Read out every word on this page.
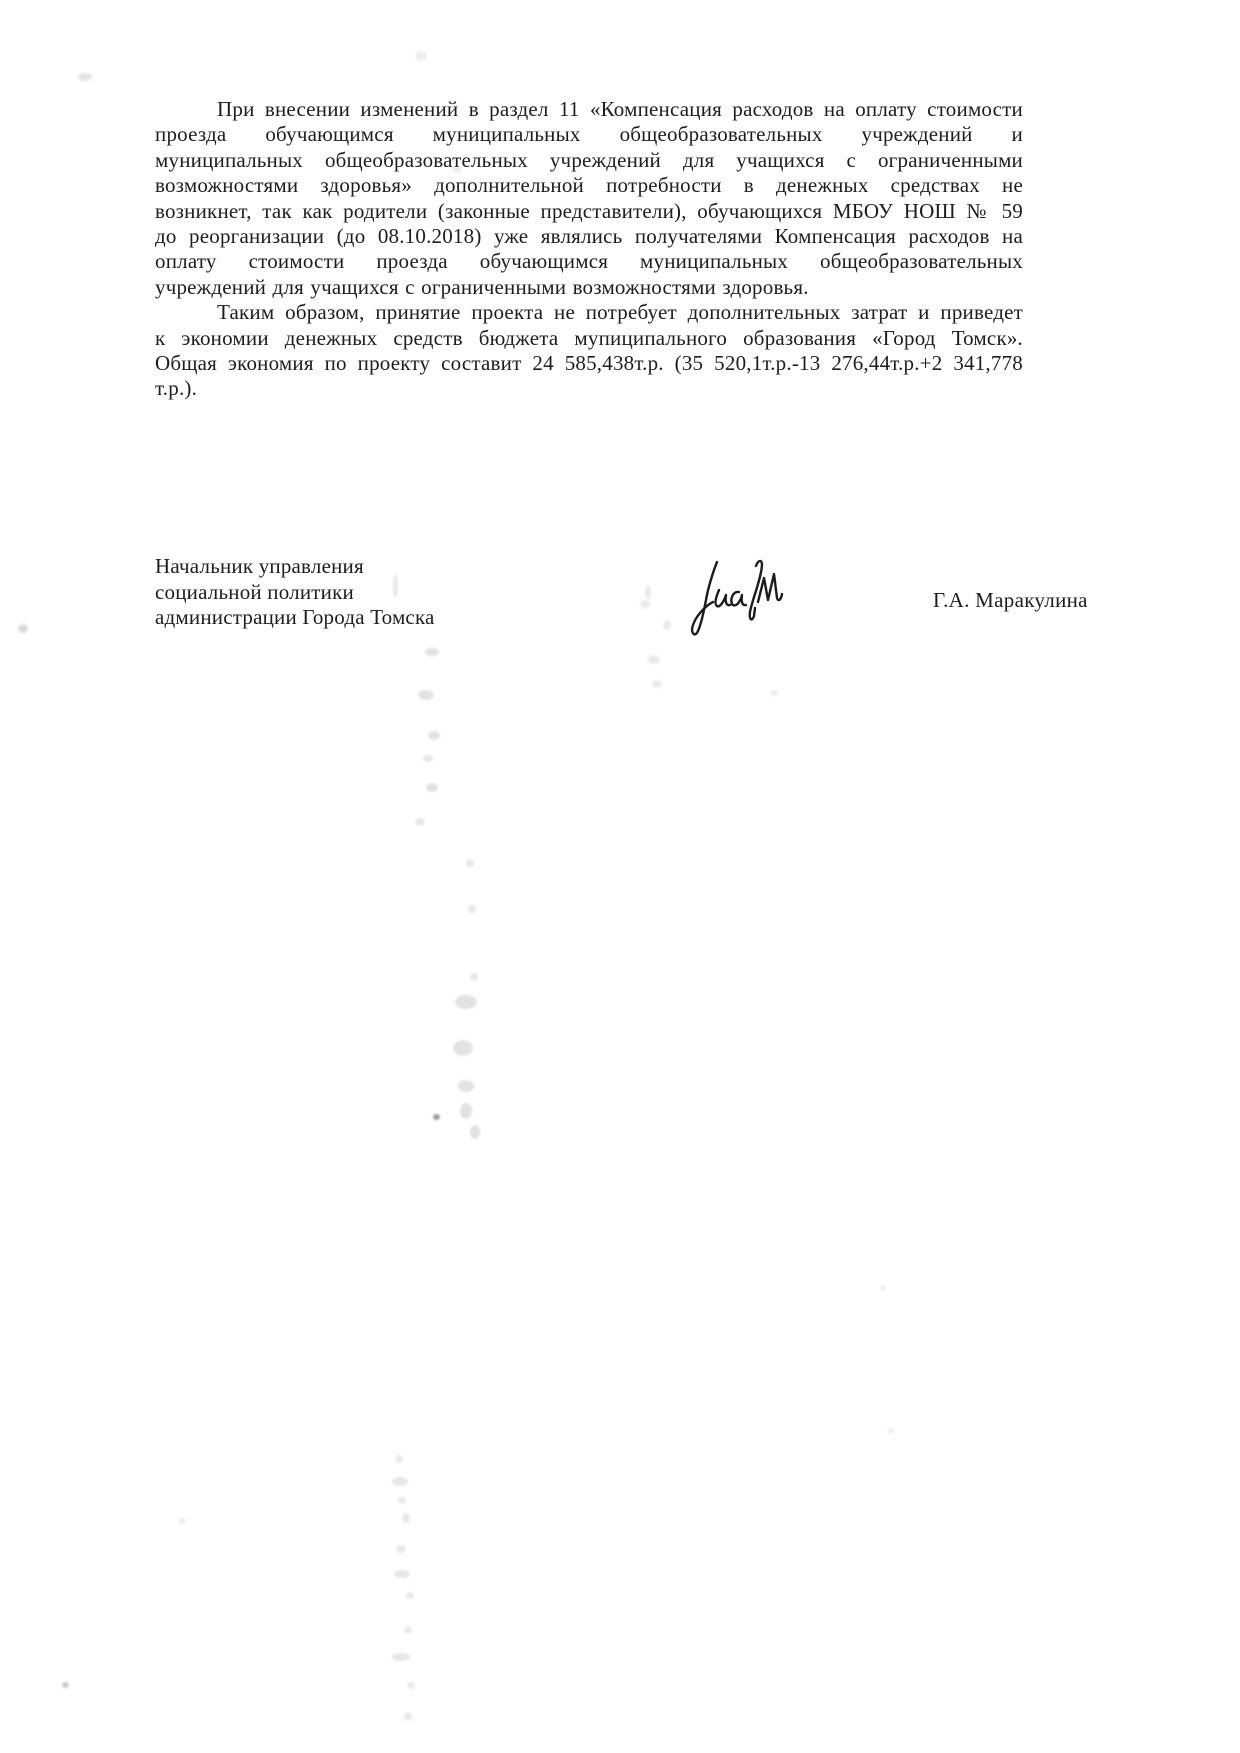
При внесении изменений в раздел 11 «Компенсация расходов на оплату стоимости
проезда обучающимся муниципальных общеобразовательных учреждений и
муниципальных общеобразовательных учреждений для учащихся с ограниченными
возможностями здоровья» дополнительной потребности в денежных средствах не
возникнет, так как родители (законные представители), обучающихся МБОУ НОШ № 59
до реорганизации (до 08.10.2018) уже являлись получателями Компенсация расходов на
оплату стоимости проезда обучающимся муниципальных общеобразовательных
учреждений для учащихся с ограниченными возможностями здоровья.
Таким образом, принятие проекта не потребует дополнительных затрат и приведет
к экономии денежных средств бюджета мупиципального образования «Город Томск».
Общая экономия по проекту составит 24 585,438т.р. (35 520,1т.р.-13 276,44т.р.+2 341,778
т.р.).
Начальник управления
социальной политики
администрации Города Томска
Г.А. Маракулина
